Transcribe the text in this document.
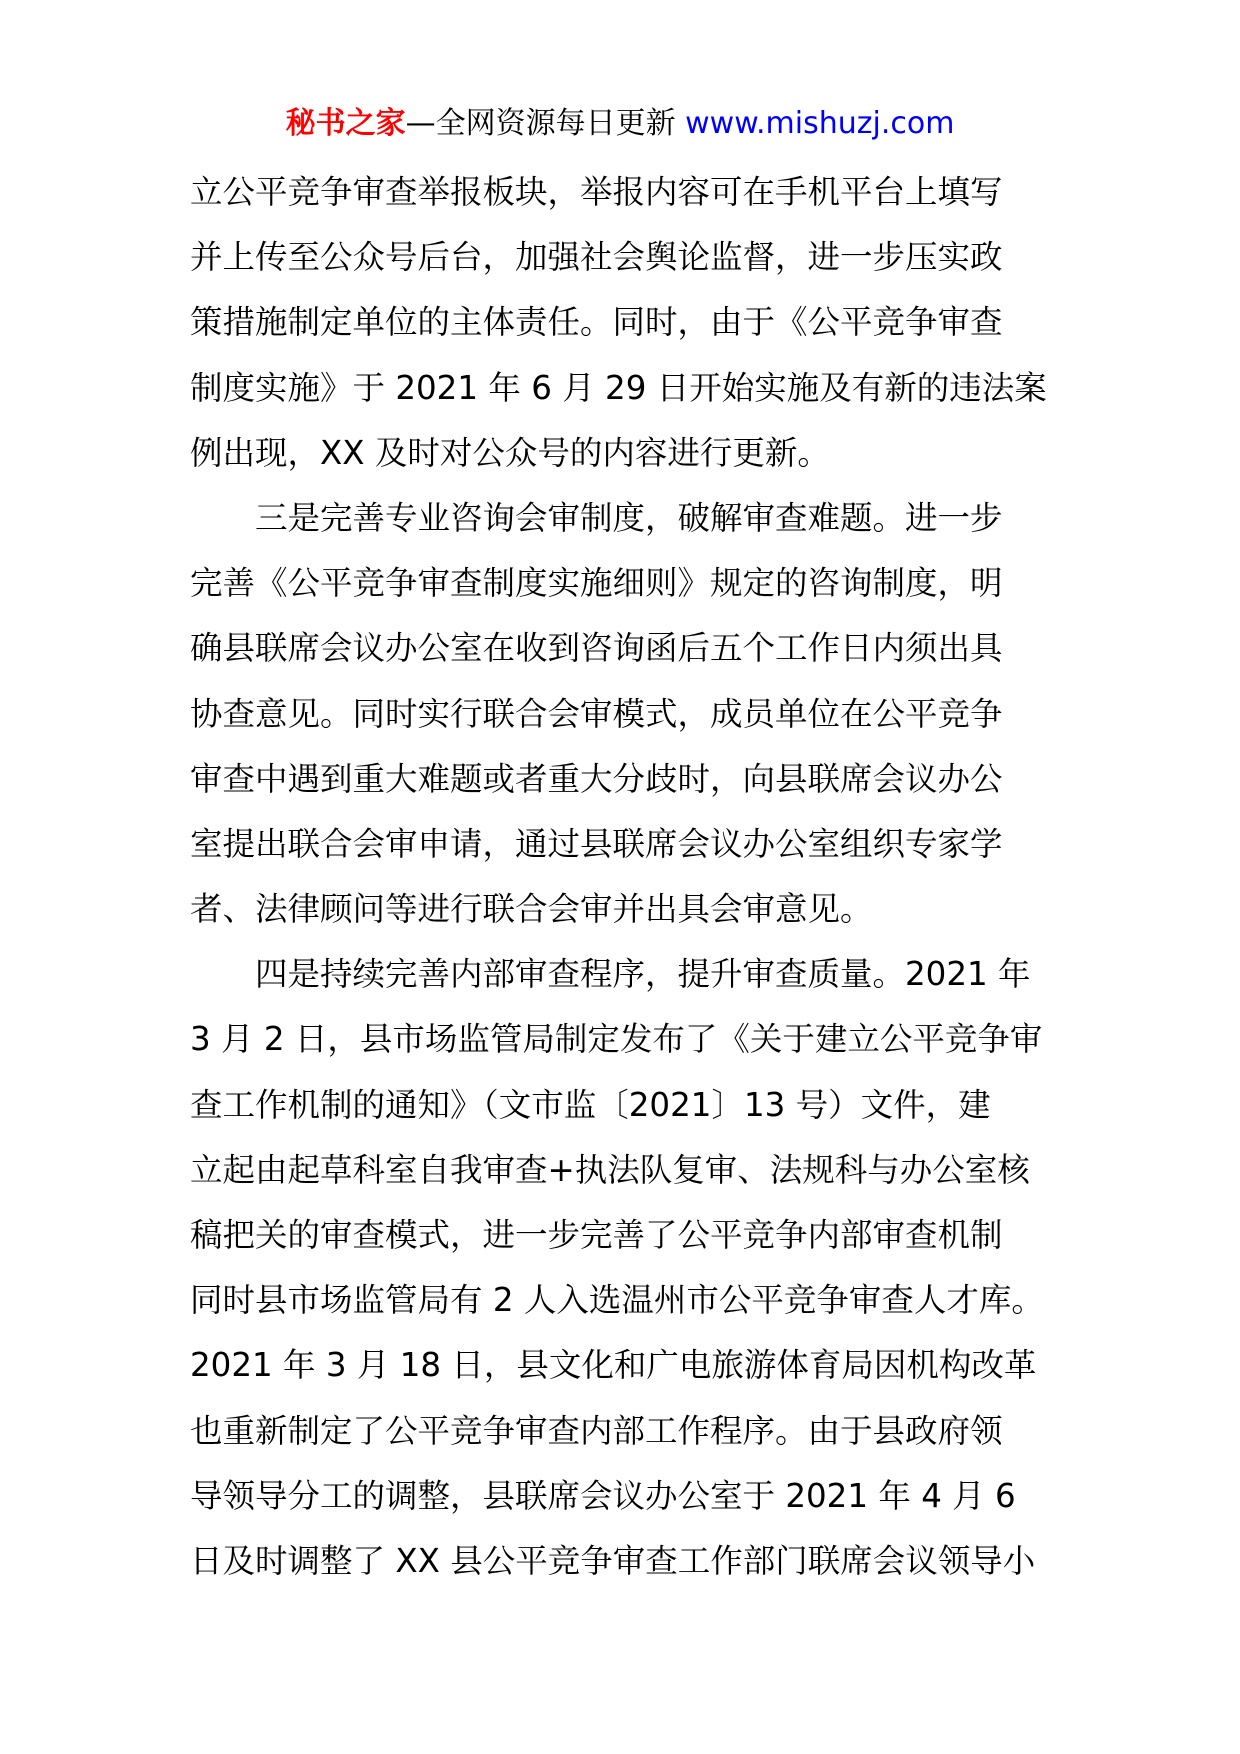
秘书之家—全网资源每日更新 www.mishuzj.com
立公平竞争审查举报板块，举报内容可在手机平台上填写
并上传至公众号后台，加强社会舆论监督，进一步压实政
策措施制定单位的主体责任。同时，由于《公平竞争审查
制度实施》于 2021 年 6 月 29 日开始实施及有新的违法案
例出现，XX 及时对公众号的内容进行更新。
三是完善专业咨询会审制度，破解审查难题。进一步
完善《公平竞争审查制度实施细则》规定的咨询制度，明
确县联席会议办公室在收到咨询函后五个工作日内须出具
协查意见。同时实行联合会审模式，成员单位在公平竞争
审查中遇到重大难题或者重大分歧时，向县联席会议办公
室提出联合会审申请，通过县联席会议办公室组织专家学
者、法律顾问等进行联合会审并出具会审意见。
四是持续完善内部审查程序，提升审查质量。2021 年
3 月 2 日，县市场监管局制定发布了《关于建立公平竞争审
查工作机制的通知》（文市监〔2021〕13 号）文件，建
立起由起草科室自我审查+执法队复审、法规科与办公室核
稿把关的审查模式，进一步完善了公平竞争内部审查机制
同时县市场监管局有 2 人入选温州市公平竞争审查人才库。
2021 年 3 月 18 日，县文化和广电旅游体育局因机构改革
也重新制定了公平竞争审查内部工作程序。由于县政府领
导领导分工的调整，县联席会议办公室于 2021 年 4 月 6
日及时调整了 XX 县公平竞争审查工作部门联席会议领导小
